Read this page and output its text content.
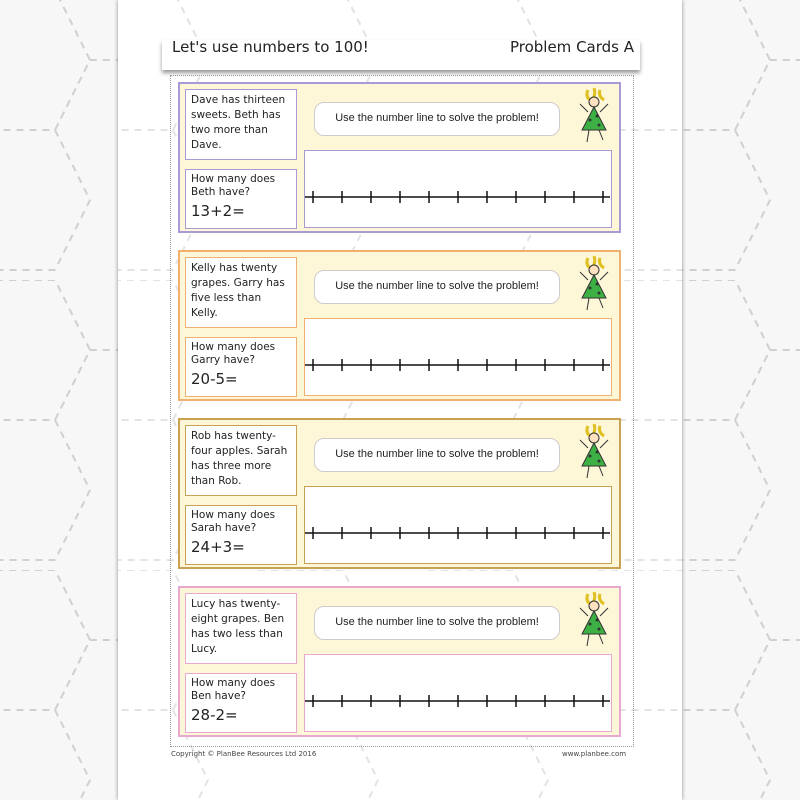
Let's use numbers to 100!	Problem Cards A
Dave has thirteen sweets. Beth has two more than Dave.
How many does Beth have?
13+2=
Use the number line to solve the problem!
Kelly has twenty grapes. Garry has five less than Kelly.
How many does Garry have?
20-5=
Use the number line to solve the problem!
Rob has twenty-four apples. Sarah has three more than Rob.
How many does Sarah have?
24+3=
Use the number line to solve the problem!
Lucy has twenty-eight grapes. Ben has two less than Lucy.
How many does Ben have?
28-2=
Use the number line to solve the problem!
Copyright © PlanBee Resources Ltd 2016	www.planbee.com
